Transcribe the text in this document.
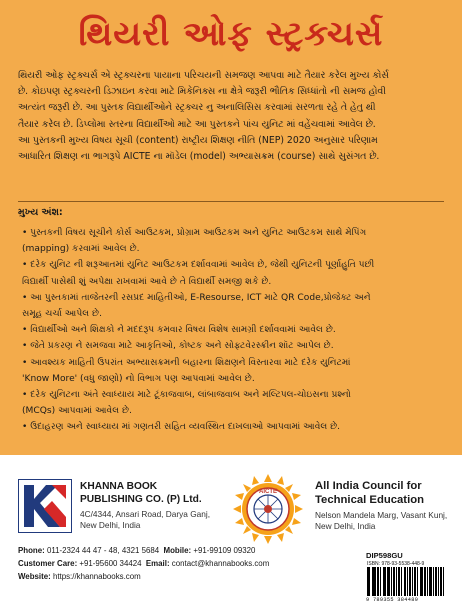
થિયરી ઓફ સ્ટ્રક્ચર્સ

થિયરી ઓફ સ્ટ્રક્ચર્સ એ સ્ટ્રક્ચરના પાયાના પરિચયની સમજણ આપવા માટે તૈયાર કરેલ મુખ્ય કોર્સ

છે. કોઇપણ સ્ટ્રક્ચરની ડિઝાઇન કરવા માટે મિકેનિક્સ ના ક્ષેત્રે જરૂરી ભૌતિક સિધ્ધાંતો ની સમજ હોવી

અત્યંત જરૂરી છે. આ પુસ્તક વિદ્યાર્થીઓને સ્ટ્રક્ચર નુ અનાલિસિસ કરવામાં સરળતા રહે તે હેતુ થી

તૈયાર કરેલ છે. ડિપ્લોમા સ્તરના વિદ્યાર્થીઓ માટે આ પુસ્તકને પાંચ યુનિટ માં વહેંચવામાં આવેલ છે.

આ પુસ્તકની મુખ્ય વિષય સૂચી (content) રાષ્ટ્રીય શિક્ષણ નીતિ (NEP) 2020 અનુસાર પરિણામ

આધારિત શિક્ષણ ના ભાગરૂપે AICTE ના મૉડેલ (model) અભ્યાસક્રમ (course) સાથે સુસંગત છે.

મુખ્ય અંશ:
• પુસ્તકની વિષય સૂચીને કોર્સ આઉટકમ, પ્રોગ્રામ આઉટકમ અને યુનિટ આઉટકમ સાથે મેપિંગ
(mapping) કરવામાં આવેલ છે.
• દરેક યુનિટ ની શરૂઆતમાં યુનિટ આઉટકમ દર્શાવવામાં આવેલ છે, જેથી યુનિટની પૂર્ણાહુતિ પછી
વિદ્યાર્થી પાસેથી શું અપેક્ષા રાખવામાં આવે છે તે વિદ્યાર્થી સમજી શકે છે.
• આ પુસ્તકામાં તાજેતરની રસપ્રદ માહિતીઓ, E-Resourse, ICT માટે QR Code,પ્રોજેક્ટ અને
સમૂહ ચર્ચા આપેલ છે.
• વિદ્યાર્થીઓ અને શિક્ષકો ને મદદરૂપ કમવાર વિષય વિશેષ સામગ્રી દર્શાવવામાં આવેલ છે.
• જેતે પ્રકરણ ને સમજવા માટે આકૃતિઓ, કોષ્ટક અને સોફ્ટવેરસ્ક્રીન શૉટ આપેલ છે.
• આવશ્યક માહિતી ઉપરાંત અભ્યાસક્રમની બહારના શિક્ષણને વિસ્તારવા માટે દરેક યુનિટમાં
'Know More' (વધુ જાણો) નો વિભાગ પણ આપવામાં આવેલ છે.
• દરેક યુનિટના અંતે સ્વાધ્યાય માટે ટૂંકાજવાબ, લાંબાજવાબ અને મલ્ટિપલ-ચોઇસના પ્રશ્નો
(MCQs) આપવામાં આવેલ છે.
• ઉદાહરણ અને સ્વાધ્યાય માં ગણતરી સહિત વ્યવસ્થિત દાખલાઓ આપવામાં આવેલ છે.
KHANNA BOOK
PUBLISHING CO. (P) Ltd.
4C/4344, Ansari Road, Darya Ganj,
New Delhi, India
AICTE	All India Council for
Technical Education
Nelson Mandela Marg, Vasant Kunj,
New Delhi, India
Phone: 011-2324 44 47 - 48, 4321 5684 Mobile: +91-99109 09320
Customer Care: +91-95600 34424 Email: contact@khannabooks.com
Website: https://khannabooks.com
DIP598GU
ISBN: 978-93-5538-448-9
9 789355 384489
